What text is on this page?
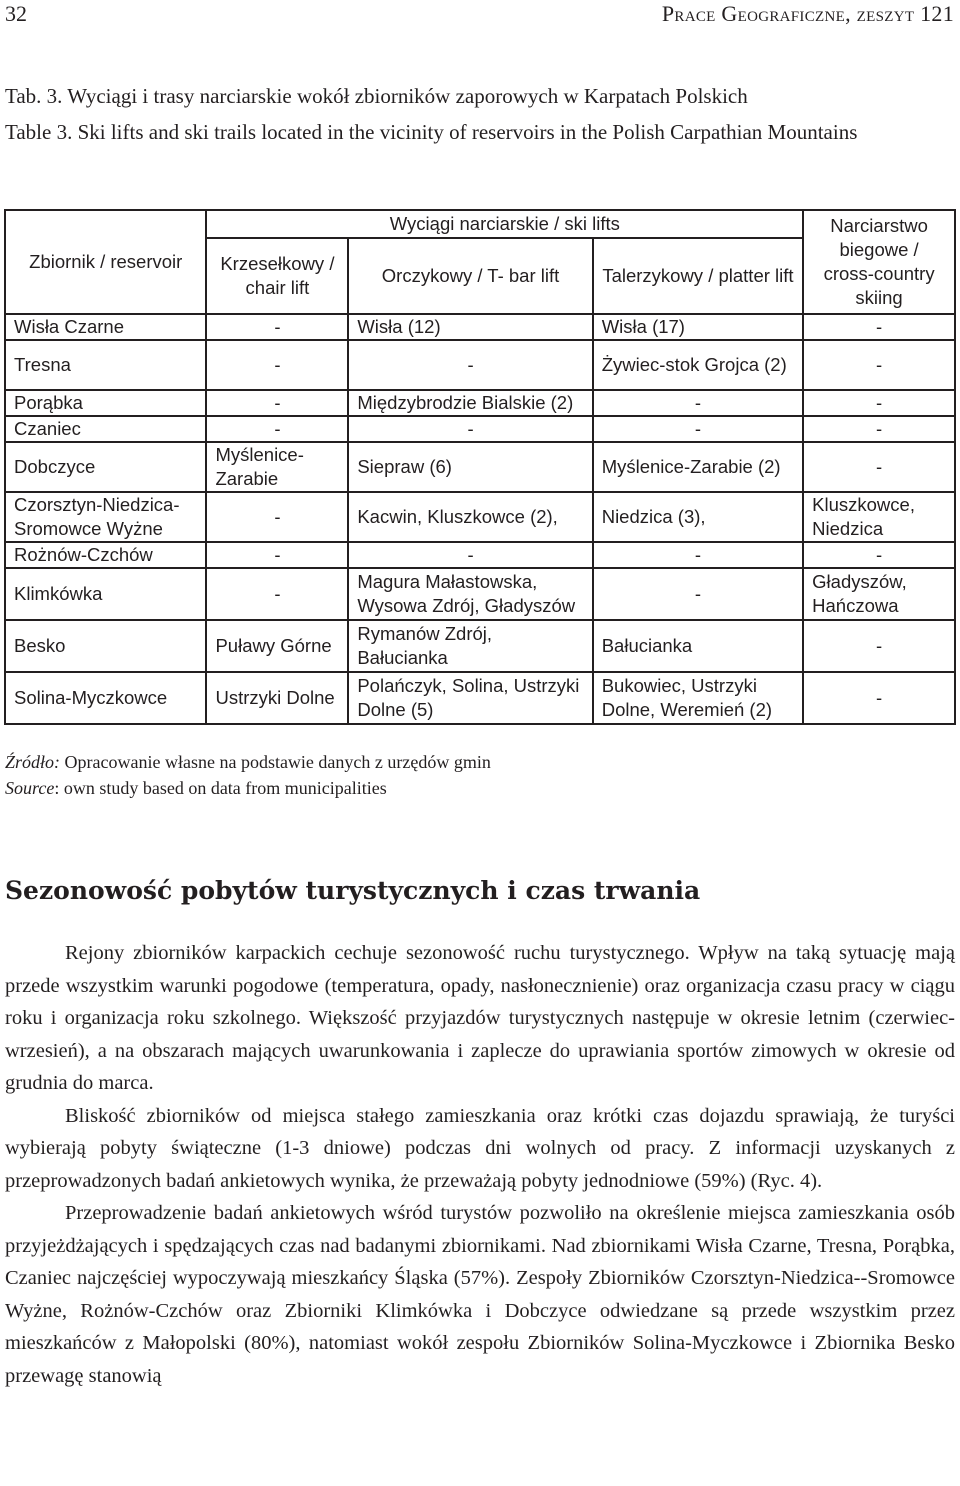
32	Prace Geograficzne, zeszyt 121
Tab. 3. Wyciągi i trasy narciarskie wokół zbiorników zaporowych w Karpatach Polskich
Table 3. Ski lifts and ski trails located in the vicinity of reservoirs in the Polish Carpathian Mountains
Zbiornik / reservoir	Wyciągi narciarskie / ski lifts			Narciarstwo biegowe / cross-country skiing
	Krzesełkowy / chair lift	Orczykowy / T- bar lift	Talerzykowy / platter lift	
Wisła Czarne	-	Wisła (12)	Wisła (17)	-
Tresna	-	-	Żywiec-stok Grojca (2)	-
Porąbka	-	Międzybrodzie Bialskie (2)	-	-
Czaniec	-	-	-	-
Dobczyce	Myślenice-Zarabie	Siepraw (6)	Myślenice-Zarabie (2)	-
Czorsztyn-Niedzica-Sromowce Wyżne	-	Kacwin, Kluszkowce (2),	Niedzica (3),	Kluszkowce, Niedzica
Rożnów-Czchów	-	-	-	-
Klimkówka	-	Magura Małastowska, Wysowa Zdrój, Gładyszów	-	Gładyszów, Hańczowa
Besko	Puławy Górne	Rymanów Zdrój, Bałucianka	Bałucianka	-
Solina-Myczkowce	Ustrzyki Dolne	Polańczyk, Solina, Ustrzyki Dolne (5)	Bukowiec, Ustrzyki Dolne, Weremień (2)	-
Źródło: Opracowanie własne na podstawie danych z urzędów gmin
Source: own study based on data from municipalities
Sezonowość pobytów turystycznych i czas trwania

Rejony zbiorników karpackich cechuje sezonowość ruchu turystycznego. Wpływ na taką sytuację mają przede wszystkim warunki pogodowe (temperatura, opady, nasłonecznienie) oraz organizacja czasu pracy w ciągu roku i organizacja roku szkolnego. Większość przyjazdów turystycznych następuje w okresie letnim (czerwiec-wrzesień), a na obszarach mających uwarunkowania i zaplecze do uprawiania sportów zimowych w okresie od grudnia do marca.

Bliskość zbiorników od miejsca stałego zamieszkania oraz krótki czas dojazdu sprawiają, że turyści wybierają pobyty świąteczne (1-3 dniowe) podczas dni wolnych od pracy. Z informacji uzyskanych z przeprowadzonych badań ankietowych wynika, że przeważają pobyty jednodniowe (59%) (Ryc. 4).

Przeprowadzenie badań ankietowych wśród turystów pozwoliło na określenie miejsca zamieszkania osób przyjeżdżających i spędzających czas nad badanymi zbiornikami. Nad zbiornikami Wisła Czarne, Tresna, Porąbka, Czaniec najczęściej wypoczywają mieszkańcy Śląska (57%). Zespoły Zbiorników Czorsztyn-Niedzica--Sromowce Wyżne, Rożnów-Czchów oraz Zbiorniki Klimkówka i Dobczyce odwiedzane są przede wszystkim przez mieszkańców z Małopolski (80%), natomiast wokół zespołu Zbiorników Solina-Myczkowce i Zbiornika Besko przewagę stanowią
